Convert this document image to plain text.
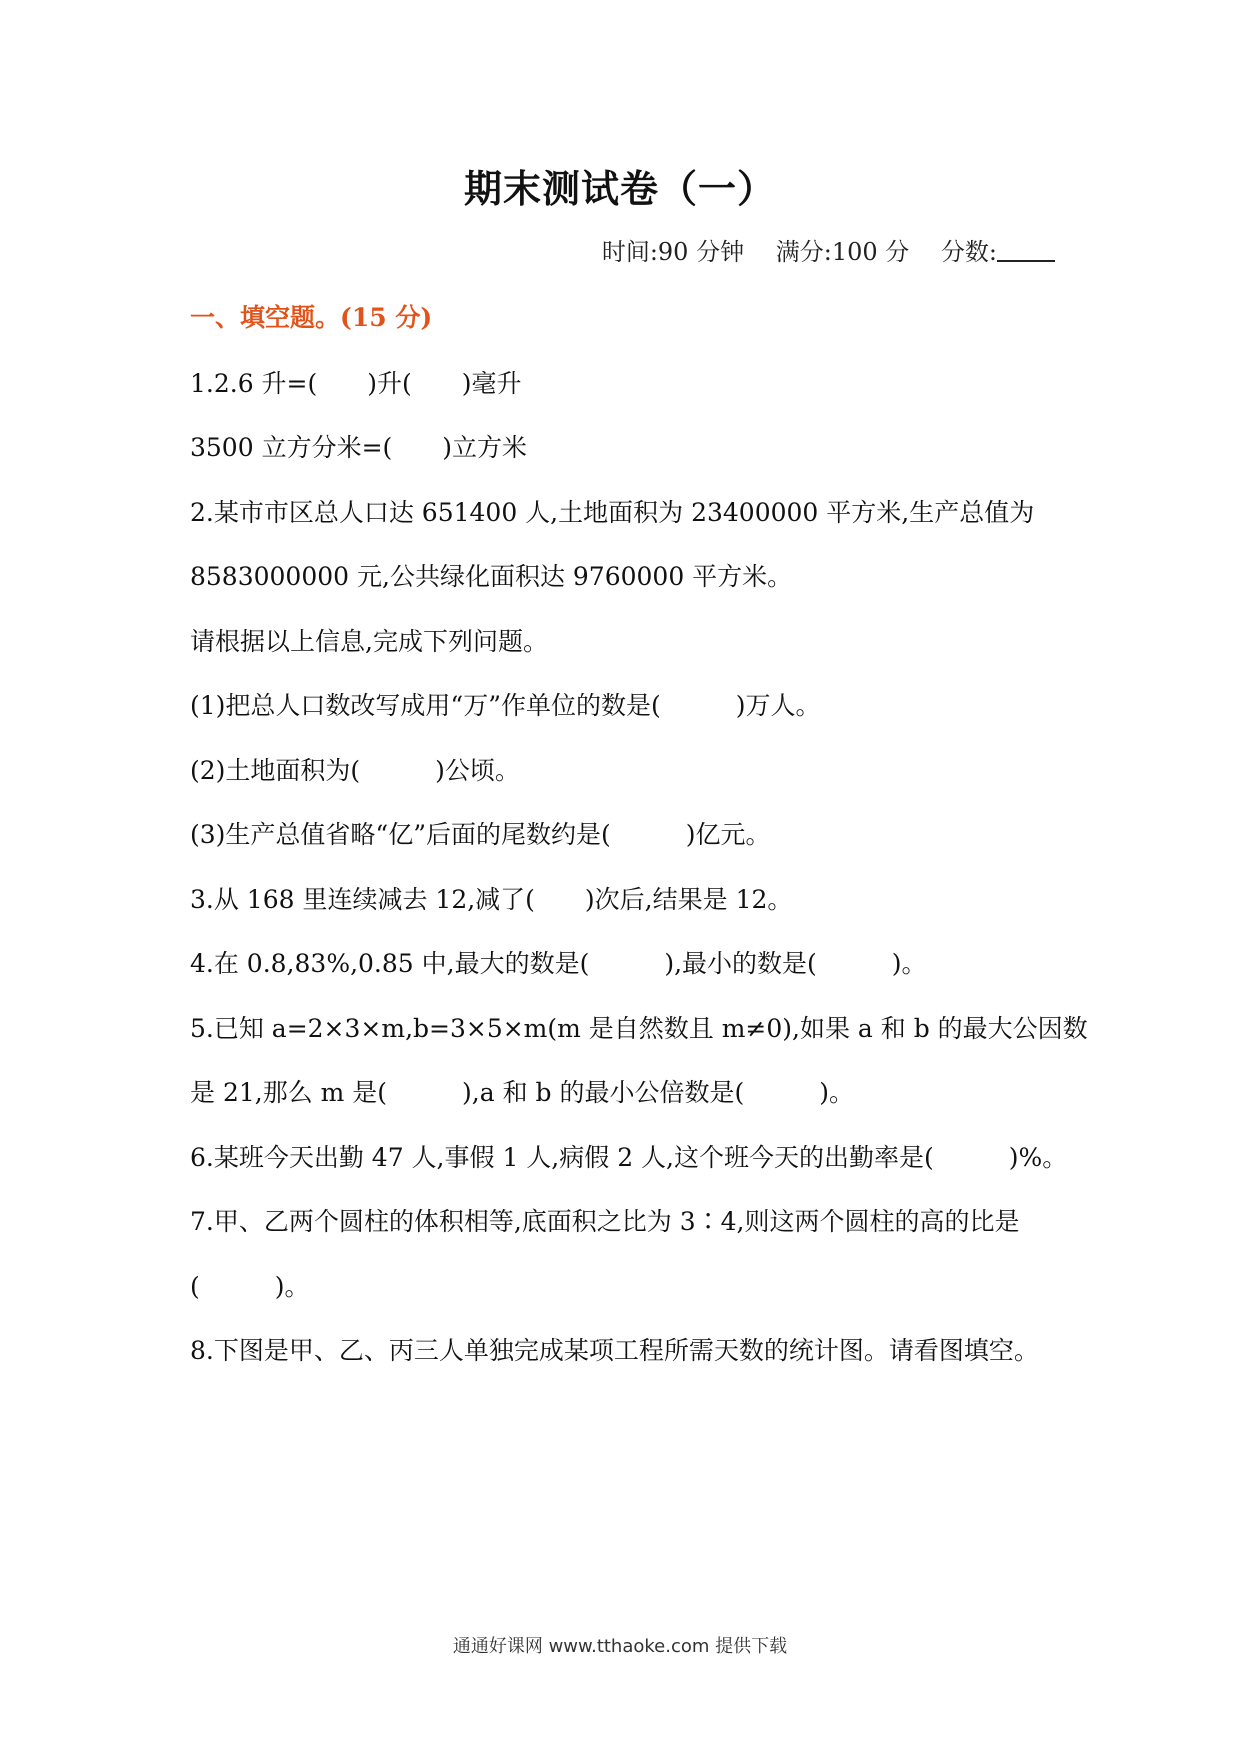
期末测试卷（一）
时间:90 分钟 满分:100 分 分数:
一、填空题。(15 分)
1.2.6 升=(　　)升(　　)毫升
3500 立方分米=(　　)立方米
2.某市市区总人口达 651400 人,土地面积为 23400000 平方米,生产总值为
8583000000 元,公共绿化面积达 9760000 平方米。
请根据以上信息,完成下列问题。
(1)把总人口数改写成用“万”作单位的数是(　　　)万人。
(2)土地面积为(　　　)公顷。
(3)生产总值省略“亿”后面的尾数约是(　　　)亿元。
3.从 168 里连续减去 12,减了(　　)次后,结果是 12。
4.在 0.8,83%,0.85 中,最大的数是(　　　),最小的数是(　　　)。
5.已知 a=2×3×m,b=3×5×m(m 是自然数且 m≠0),如果 a 和 b 的最大公因数
是 21,那么 m 是(　　　),a 和 b 的最小公倍数是(　　　)。
6.某班今天出勤 47 人,事假 1 人,病假 2 人,这个班今天的出勤率是(　　　)%。
7.甲、乙两个圆柱的体积相等,底面积之比为 3∶4,则这两个圆柱的高的比是
(　　　)。
8.下图是甲、乙、丙三人单独完成某项工程所需天数的统计图。请看图填空。
通通好课网 www.tthaoke.com 提供下载
